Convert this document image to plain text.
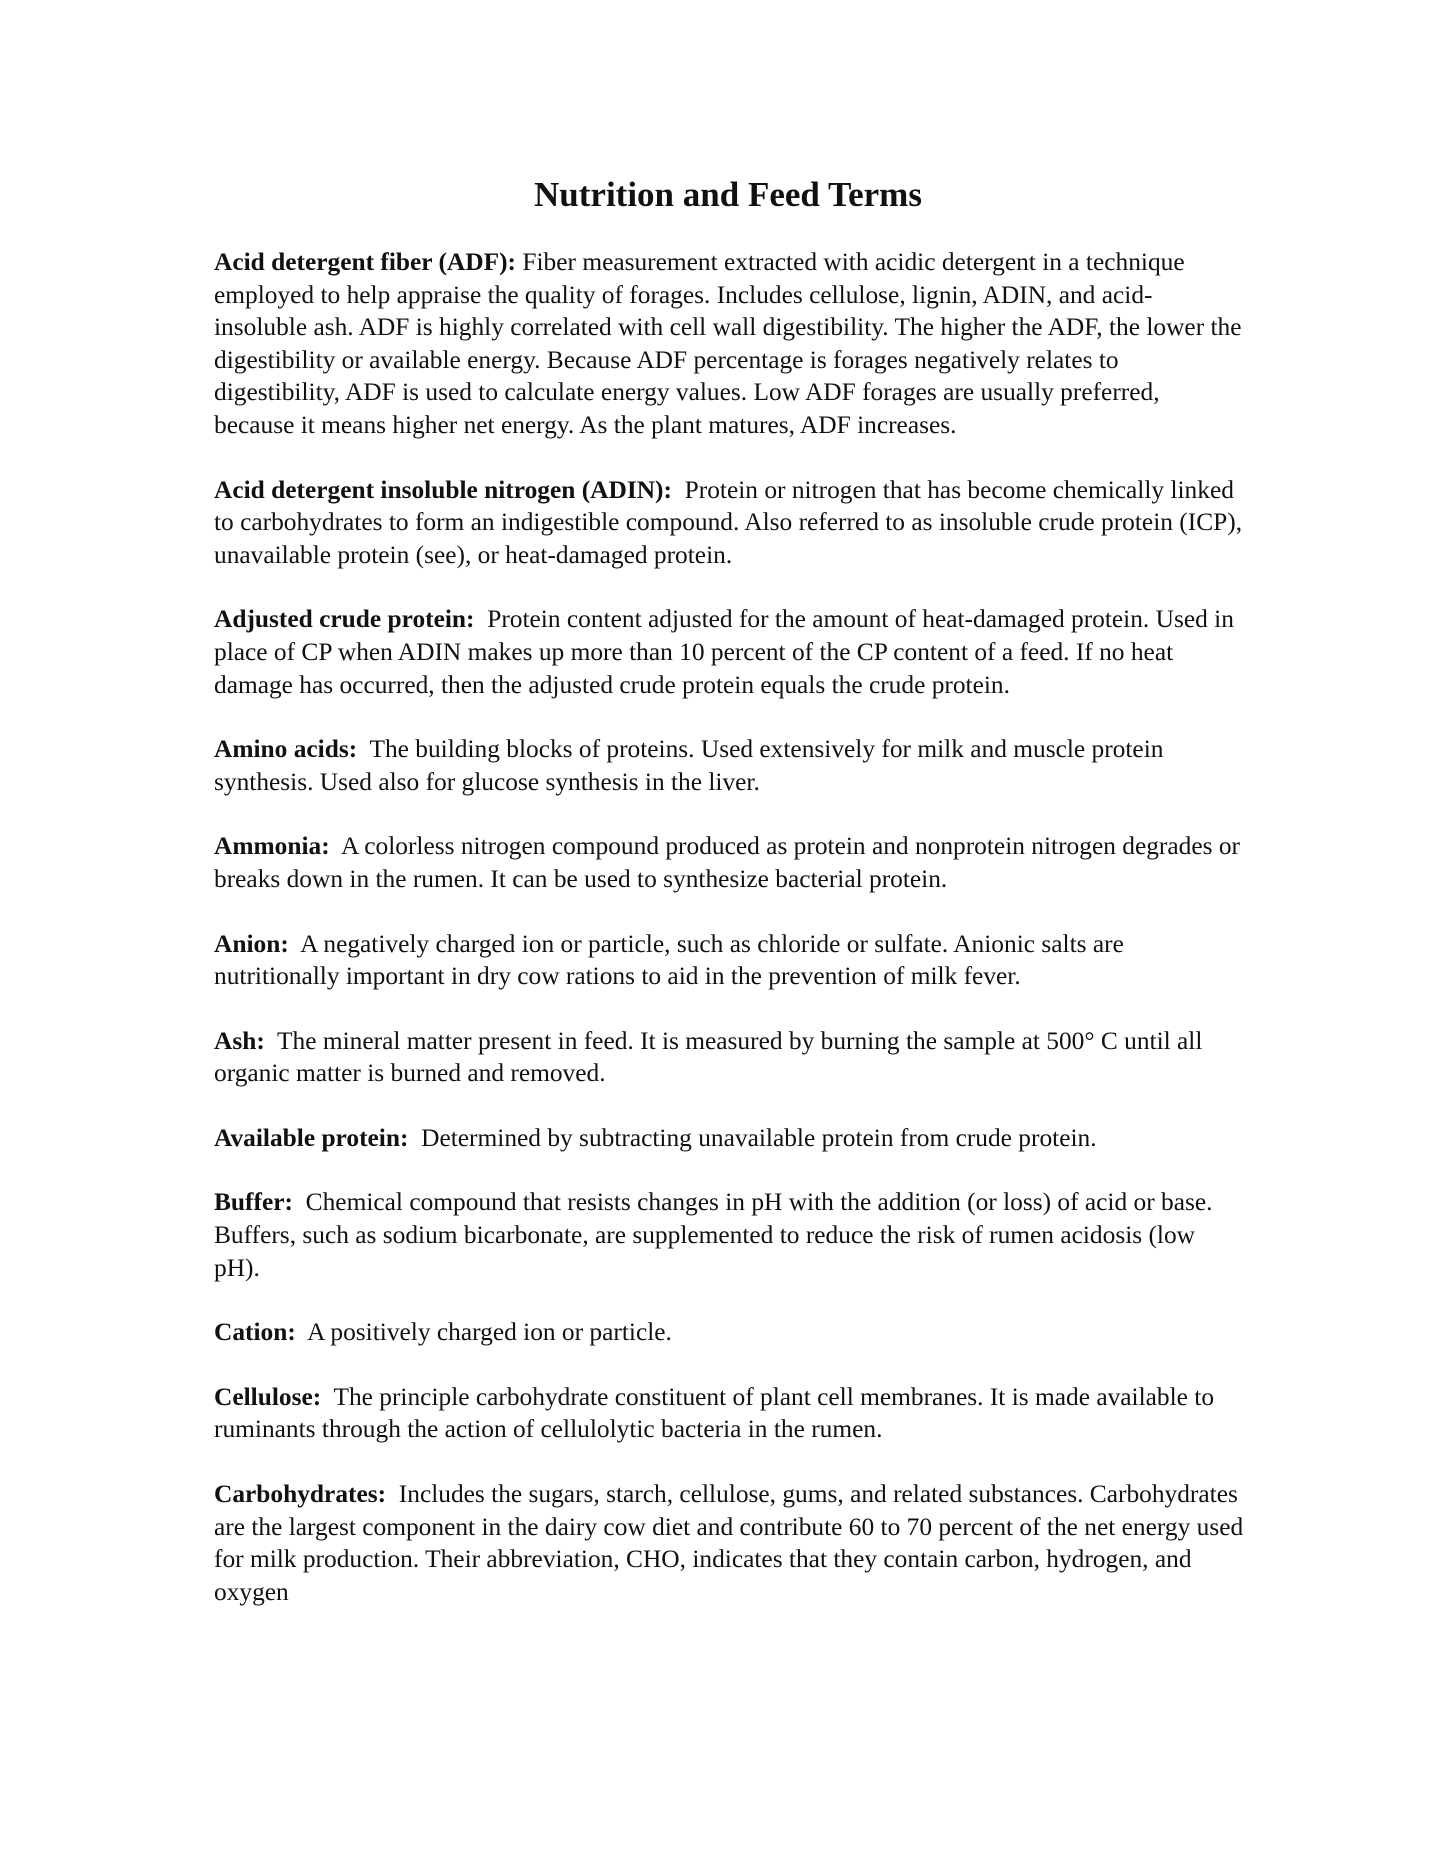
Nutrition and Feed Terms

Acid detergent fiber (ADF): Fiber measurement extracted with acidic detergent in a technique employed to help appraise the quality of forages. Includes cellulose, lignin, ADIN, and acid-insoluble ash. ADF is highly correlated with cell wall digestibility. The higher the ADF, the lower the digestibility or available energy. Because ADF percentage is forages negatively relates to digestibility, ADF is used to calculate energy values. Low ADF forages are usually preferred, because it means higher net energy. As the plant matures, ADF increases.

Acid detergent insoluble nitrogen (ADIN): Protein or nitrogen that has become chemically linked to carbohydrates to form an indigestible compound. Also referred to as insoluble crude protein (ICP), unavailable protein (see), or heat-damaged protein.

Adjusted crude protein: Protein content adjusted for the amount of heat-damaged protein. Used in place of CP when ADIN makes up more than 10 percent of the CP content of a feed. If no heat damage has occurred, then the adjusted crude protein equals the crude protein.

Amino acids: The building blocks of proteins. Used extensively for milk and muscle protein synthesis. Used also for glucose synthesis in the liver.

Ammonia: A colorless nitrogen compound produced as protein and nonprotein nitrogen degrades or breaks down in the rumen. It can be used to synthesize bacterial protein.

Anion: A negatively charged ion or particle, such as chloride or sulfate. Anionic salts are nutritionally important in dry cow rations to aid in the prevention of milk fever.

Ash: The mineral matter present in feed. It is measured by burning the sample at 500° C until all organic matter is burned and removed.

Available protein: Determined by subtracting unavailable protein from crude protein.

Buffer: Chemical compound that resists changes in pH with the addition (or loss) of acid or base. Buffers, such as sodium bicarbonate, are supplemented to reduce the risk of rumen acidosis (low pH).

Cation: A positively charged ion or particle.

Cellulose: The principle carbohydrate constituent of plant cell membranes. It is made available to ruminants through the action of cellulolytic bacteria in the rumen.

Carbohydrates: Includes the sugars, starch, cellulose, gums, and related substances. Carbohydrates are the largest component in the dairy cow diet and contribute 60 to 70 percent of the net energy used for milk production. Their abbreviation, CHO, indicates that they contain carbon, hydrogen, and oxygen
